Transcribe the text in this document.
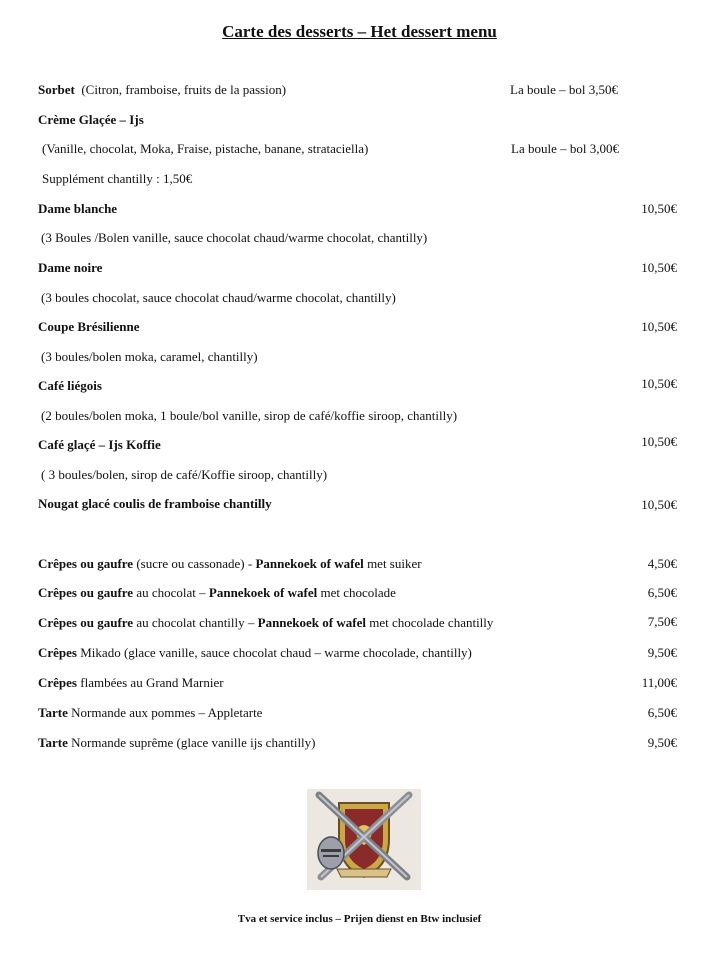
Carte des desserts – Het dessert menu
Sorbet (Citron, framboise, fruits de la passion)	La boule – bol 3,50€
Crème Glaçée – Ijs
(Vanille, chocolat, Moka, Fraise, pistache, banane, strataciella)	La boule – bol 3,00€
Supplément chantilly : 1,50€
Dame blanche	10,50€
(3 Boules /Bolen vanille, sauce chocolat chaud/warme chocolat, chantilly)
Dame noire	10,50€
(3 boules chocolat, sauce chocolat chaud/warme chocolat, chantilly)
Coupe Brésilienne	10,50€
(3 boules/bolen moka, caramel, chantilly)
Café liégois	10,50€
(2 boules/bolen moka, 1 boule/bol vanille, sirop de café/koffie siroop, chantilly)
Café glaçé – Ijs Koffie	10,50€
( 3 boules/bolen, sirop de café/Koffie siroop, chantilly)
Nougat glacé coulis de framboise chantilly	10,50€
Crêpes ou gaufre (sucre ou cassonade) - Pannekoek of wafel met suiker	4,50€
Crêpes ou gaufre au chocolat – Pannekoek of wafel met chocolade	6,50€
Crêpes ou gaufre au chocolat chantilly – Pannekoek of wafel met chocolade chantilly	7,50€
Crêpes Mikado (glace vanille, sauce chocolat chaud – warme chocolade, chantilly)	9,50€
Crêpes flambées au Grand Marnier	11,00€
Tarte Normande aux pommes – Appletarte	6,50€
Tarte Normande suprême (glace vanille ijs chantilly)	9,50€
Tva et service inclus – Prijen dienst en Btw inclusief
